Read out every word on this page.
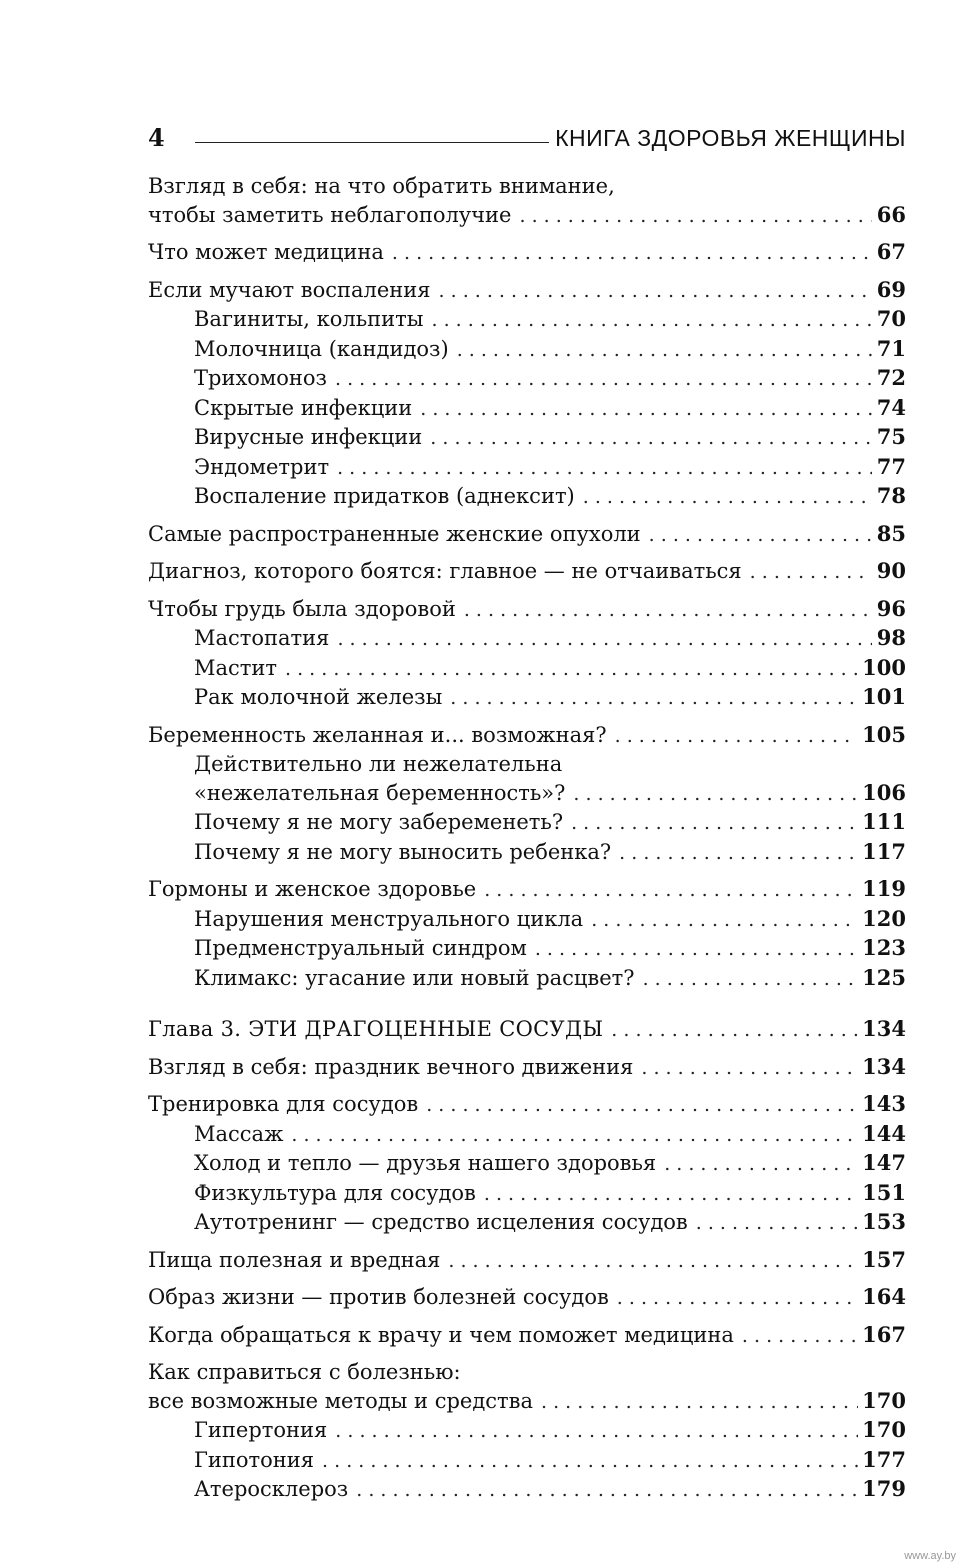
4	КНИГА ЗДОРОВЬЯ ЖЕНЩИНЫ
Взгляд в себя: на что обратить внимание,
чтобы заметить неблагополучие . . .	66
Что может медицина . . .	67
Если мучают воспаления . . .	69
Вагиниты, кольпиты . . .	70
Молочница (кандидоз) . . .	71
Трихомоноз . . .	72
Скрытые инфекции . . .	74
Вирусные инфекции . . .	75
Эндометрит . . .	77
Воспаление придатков (аднексит) . . .	78
Самые распространенные женские опухоли . . .	85
Диагноз, которого боятся: главное — не отчаиваться . . .	90
Чтобы грудь была здоровой . . .	96
Мастопатия . . .	98
Мастит . . .	100
Рак молочной железы . . .	101
Беременность желанная и... возможная? . . .	105
Действительно ли нежелательна
«нежелательная беременность»? . . .	106
Почему я не могу забеременеть? . . .	111
Почему я не могу выносить ребенка? . . .	117
Гормоны и женское здоровье . . .	119
Нарушения менструального цикла . . .	120
Предменструальный синдром . . .	123
Климакс: угасание или новый расцвет? . . .	125
Глава 3. ЭТИ ДРАГОЦЕННЫЕ СОСУДЫ . . .	134
Взгляд в себя: праздник вечного движения . . .	134
Тренировка для сосудов . . .	143
Массаж . . .	144
Холод и тепло — друзья нашего здоровья . . .	147
Физкультура для сосудов . . .	151
Аутотренинг — средство исцеления сосудов . . .	153
Пища полезная и вредная . . .	157
Образ жизни — против болезней сосудов . . .	164
Когда обращаться к врачу и чем поможет медицина . . .	167
Как справиться с болезнью:
все возможные методы и средства . . .	170
Гипертония . . .	170
Гипотония . . .	177
Атеросклероз . . .	179
www.ay.by
